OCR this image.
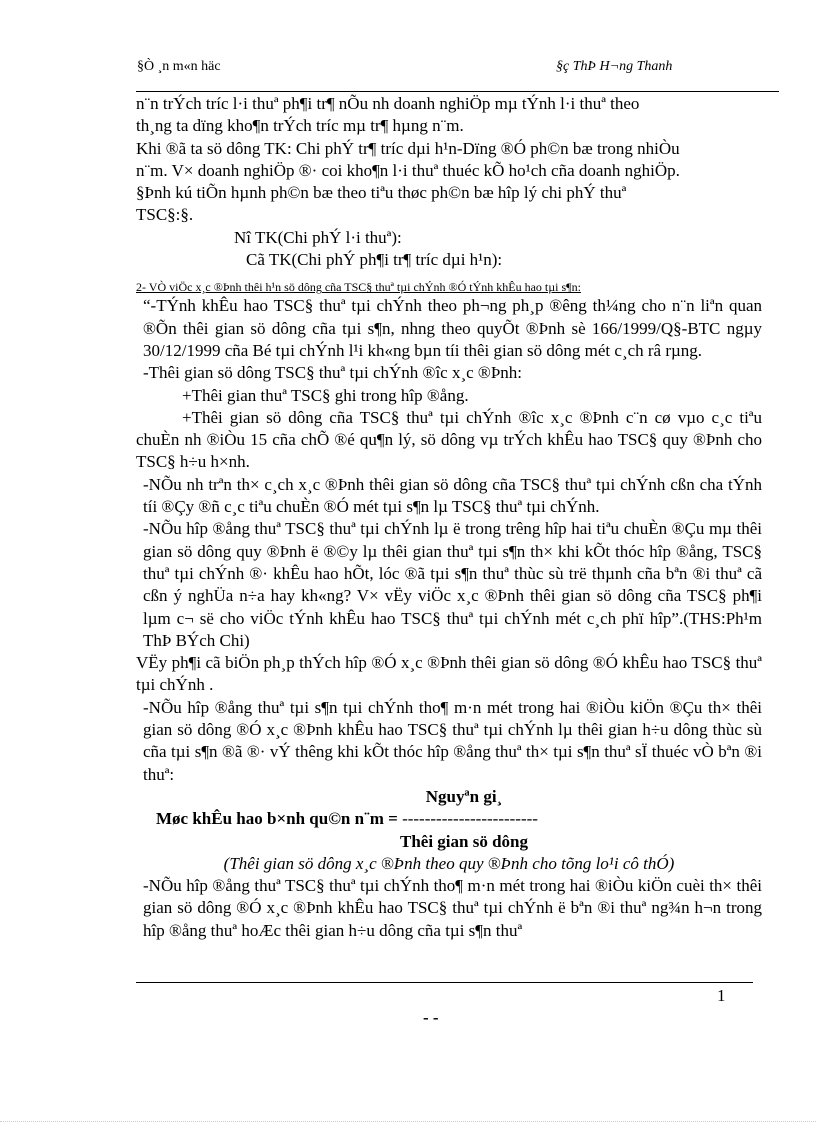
§Ò ¸n m«n häc	§ç ThÞ H¬ng Thanh

n¨n trÝch tríc l·i thuª ph¶i tr¶ nÕu nh doanh nghiÖp mµ tÝnh l·i thuª theo

th¸ng ta dïng kho¶n trÝch tríc mµ tr¶ hµng n¨m.

Khi ®ã ta sö dông TK: Chi phÝ tr¶ tríc dµi h¹n-Dïng ®Ó ph©n bæ trong nhiÒu

n¨m. V× doanh nghiÖp ®· coi kho¶n l·i thuª thuéc kÕ ho¹ch cña doanh nghiÖp.

§Þnh kú tiÕn hµnh ph©n bæ theo tiªu thøc ph©n bæ hîp lý chi phÝ thuª

TSC§:§.

Nî TK(Chi phÝ l·i thuª):

Cã TK(Chi phÝ ph¶i tr¶ tríc dµi h¹n):

2- VÒ viÖc x¸c ®Þnh thêi h¹n sö dông cña TSC§ thuª tµi chÝnh ®Ó tÝnh khÊu hao tµi s¶n:

“-TÝnh khÊu hao TSC§ thuª tµi chÝnh theo ph¬ng ph¸p ®êng th¼ng cho n¨n liªn quan ®Õn thêi gian sö dông cña tµi s¶n, nhng theo quyÕt ®Þnh sè 166/1999/Q§-BTC ngµy 30/12/1999 cña Bé tµi chÝnh l¹i kh«ng bµn tíi thêi gian sö dông mét c¸ch râ rµng.

-Thêi gian sö dông TSC§ thuª tµi chÝnh ®îc x¸c ®Þnh:

+Thêi gian thuª TSC§ ghi trong hîp ®ång.

+Thêi gian sö dông cña TSC§ thuª tµi chÝnh ®îc x¸c ®Þnh c¨n cø vµo c¸c tiªu chuÈn nh ®iÒu 15 cña chÕ ®é qu¶n lý, sö dông vµ trÝch khÊu hao TSC§ quy ®Þnh cho TSC§ h÷u h×nh.

-NÕu nh trªn th× c¸ch x¸c ®Þnh thêi gian sö dông cña TSC§ thuª tµi chÝnh cßn cha tÝnh tíi ®Çy ®ñ c¸c tiªu chuÈn ®Ó mét tµi s¶n lµ TSC§ thuª tµi chÝnh.

-NÕu hîp ®ång thuª TSC§ thuª tµi chÝnh lµ ë trong trêng hîp hai tiªu chuÈn ®Çu mµ thêi gian sö dông quy ®Þnh ë ®©y lµ thêi gian thuª tµi s¶n th× khi kÕt thóc hîp ®ång, TSC§ thuª tµi chÝnh ®· khÊu hao hÕt, lóc ®ã tµi s¶n thuª thùc sù trë thµnh cña bªn ®i thuª cã cßn ý nghÜa n÷a hay kh«ng? V× vËy viÖc x¸c ®Þnh thêi gian sö dông cña TSC§ ph¶i lµm c¬ së cho viÖc tÝnh khÊu hao TSC§ thuª tµi chÝnh mét c¸ch phï hîp”.(THS:Ph¹m ThÞ BÝch Chi)

VËy ph¶i cã biÖn ph¸p thÝch hîp ®Ó x¸c ®Þnh thêi gian sö dông ®Ó khÊu hao TSC§ thuª tµi chÝnh .

-NÕu hîp ®ång thuª tµi s¶n tµi chÝnh tho¶ m·n mét trong hai ®iÒu kiÖn ®Çu th× thêi gian sö dông ®Ó x¸c ®Þnh khÊu hao TSC§ thuª tµi chÝnh lµ thêi gian h÷u dông thùc sù cña tµi s¶n ®ã ®· vÝ thêng khi kÕt thóc hîp ®ång thuª th× tµi s¶n thuª sÏ thuéc vÒ bªn ®i thuª:

Nguyªn gi¸

Møc khÊu hao b×nh qu©n n¨m = ------------------------

Thêi gian sö dông

(Thêi gian sö dông x¸c ®Þnh theo quy ®Þnh cho tõng lo¹i cô thÓ)

-NÕu hîp ®ång thuª TSC§ thuª tµi chÝnh tho¶ m·n mét trong hai ®iÒu kiÖn cuèi th× thêi gian sö dông ®Ó x¸c ®Þnh khÊu hao TSC§ thuª tµi chÝnh ë bªn ®i thuª ng¾n h¬n trong hîp ®ång thuª hoÆc thêi gian h÷u dông cña tµi s¶n thuª

1
- -
